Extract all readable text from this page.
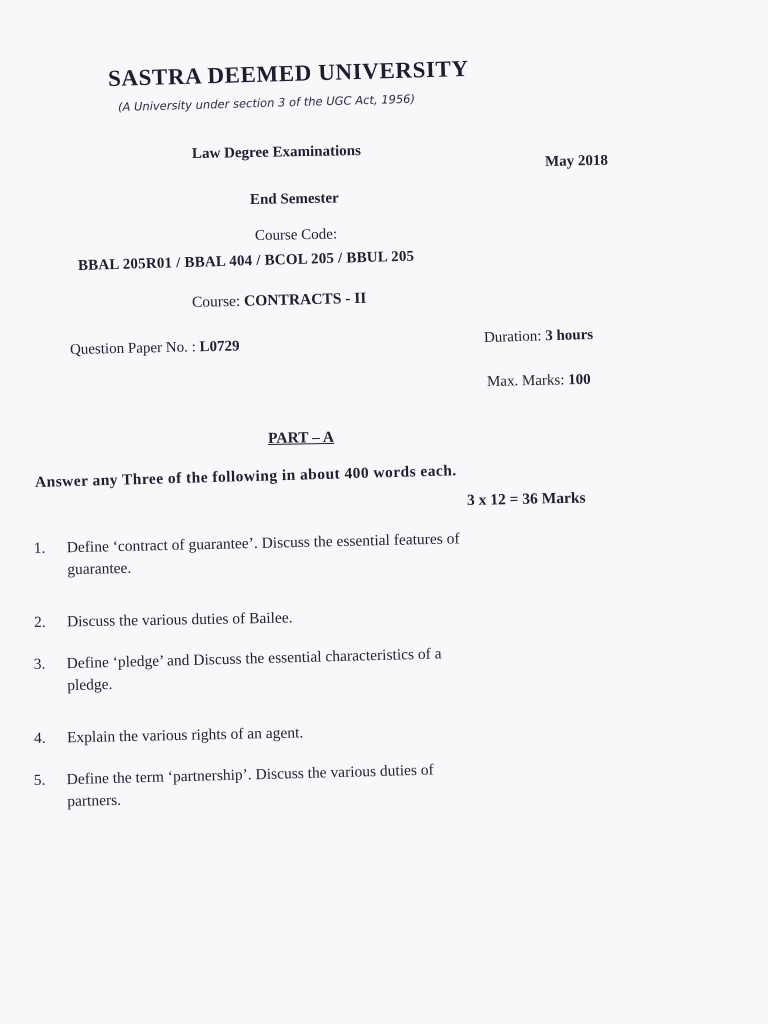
SASTRA DEEMED UNIVERSITY
(A University under section 3 of the UGC Act, 1956)
Law Degree Examinations	May 2018
End Semester
Course Code:
BBAL 205R01 / BBAL 404 / BCOL 205 / BBUL 205
Course: CONTRACTS - II
Question Paper No. : L0729
Duration: 3 hours
Max. Marks: 100
PART – A
Answer any Three of the following in about 400 words each.
3 x 12 = 36 Marks
1. Define ‘contract of guarantee’. Discuss the essential features of
guarantee.
2. Discuss the various duties of Bailee.
3. Define ‘pledge’ and Discuss the essential characteristics of a
pledge.
4. Explain the various rights of an agent.
5. Define the term ‘partnership’. Discuss the various duties of
partners.
